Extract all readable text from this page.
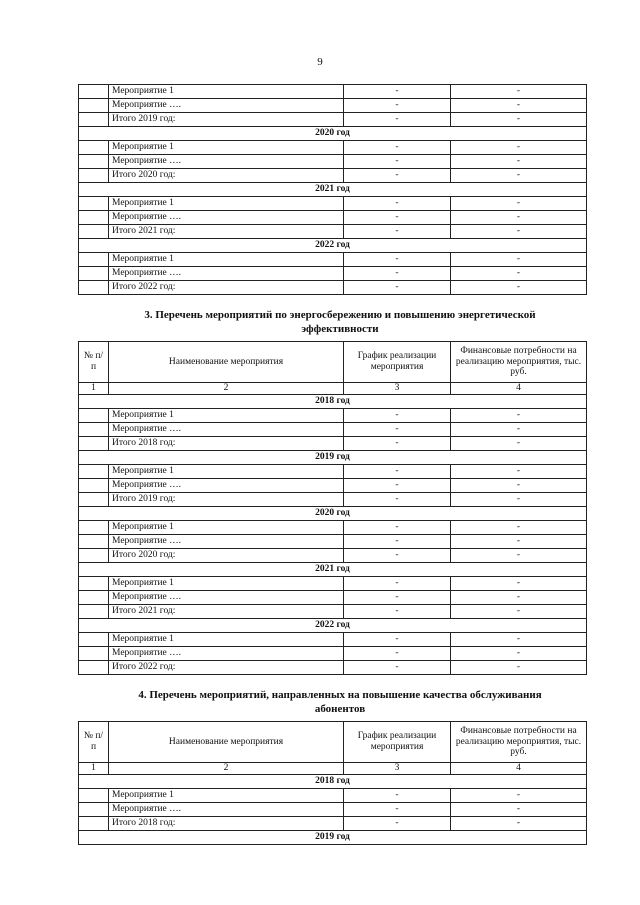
9
	Мероприятие 1	-	-
	Мероприятие ….	-	-
	Итого 2019 год:	-	-
2020 год			
	Мероприятие 1	-	-
	Мероприятие ….	-	-
	Итого 2020 год:	-	-
2021 год			
	Мероприятие 1	-	-
	Мероприятие ….	-	-
	Итого 2021 год:	-	-
2022 год			
	Мероприятие 1	-	-
	Мероприятие ….	-	-
	Итого 2022 год:	-	-
3. Перечень мероприятий по энергосбережению и повышению энергетической
эффективности
№ п/п	Наименование мероприятия	График реализации мероприятия	Финансовые потребности на реализацию мероприятия, тыс. руб.
1	2	3	4
2018 год			
	Мероприятие 1	-	-
	Мероприятие ….	-	-
	Итого 2018 год:	-	-
2019 год			
	Мероприятие 1	-	-
	Мероприятие ….	-	-
	Итого 2019 год:	-	-
2020 год			
	Мероприятие 1	-	-
	Мероприятие ….	-	-
	Итого 2020 год:	-	-
2021 год			
	Мероприятие 1	-	-
	Мероприятие ….	-	-
	Итого 2021 год:	-	-
2022 год			
	Мероприятие 1	-	-
	Мероприятие ….	-	-
	Итого 2022 год:	-	-
4. Перечень мероприятий, направленных на повышение качества обслуживания
абонентов
№ п/п	Наименование мероприятия	График реализации мероприятия	Финансовые потребности на реализацию мероприятия, тыс. руб.
1	2	3	4
2018 год			
	Мероприятие 1	-	-
	Мероприятие ….	-	-
	Итого 2018 год:	-	-
2019 год			
